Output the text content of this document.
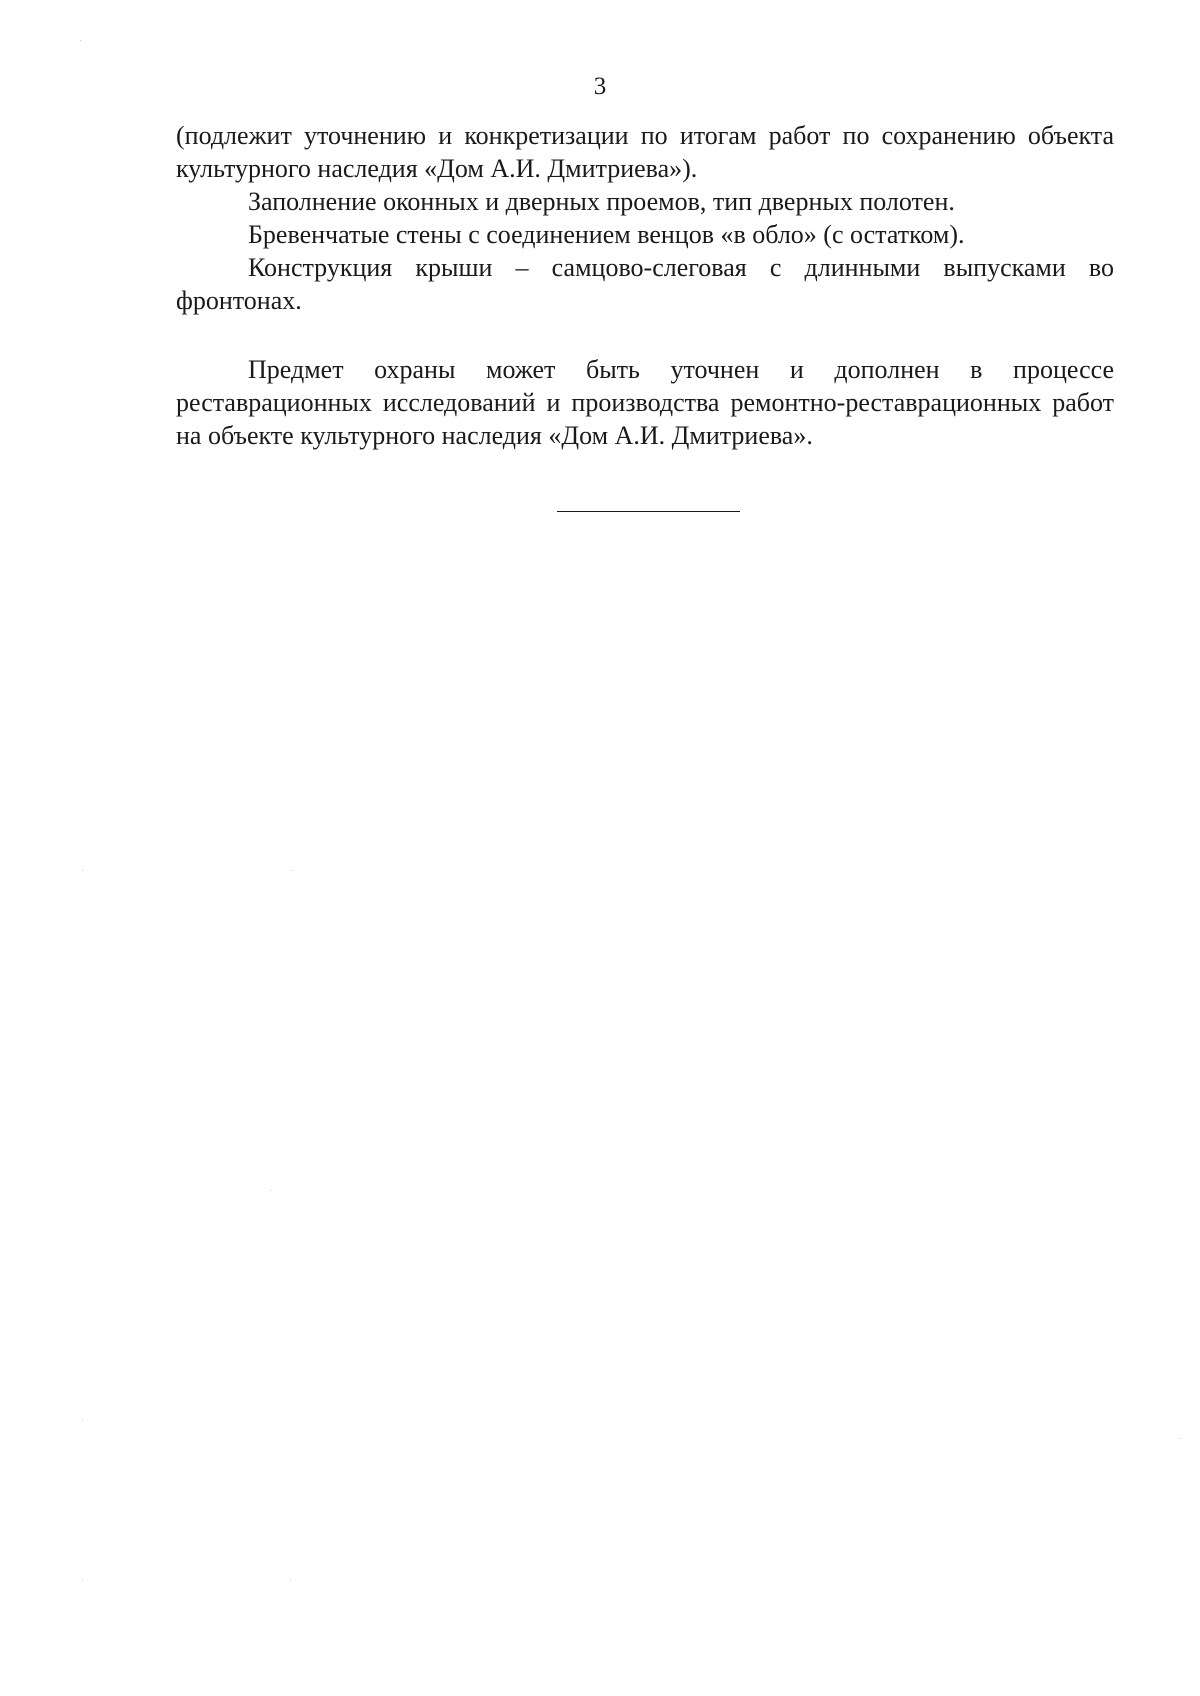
3

(подлежит уточнению и конкретизации по итогам работ по сохранению объекта культурного наследия «Дом А.И. Дмитриева»).

Заполнение оконных и дверных проемов, тип дверных полотен.

Бревенчатые стены с соединением венцов «в обло» (с остатком).

Конструкция крыши – самцово-слеговая с длинными выпусками во фронтонах.

Предмет охраны может быть уточнен и дополнен в процессе реставрационных исследований и производства ремонтно-реставрационных работ на объекте культурного наследия «Дом А.И. Дмитриева».
